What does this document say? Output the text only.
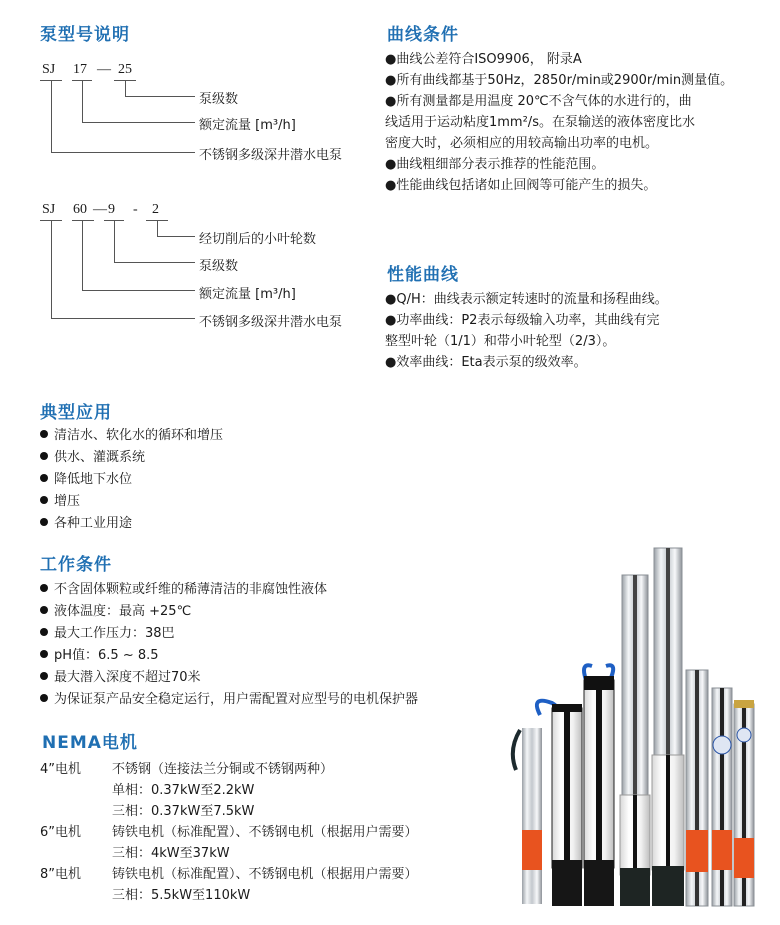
泵型号说明
SJ 17 — 25
泵级数
额定流量 [m³/h]
不锈钢多级深井潜水电泵
SJ 60 — 9 - 2
经切削后的小叶轮数
泵级数
额定流量 [m³/h]
不锈钢多级深井潜水电泵
曲线条件
●曲线公差符合ISO9906， 附录A
●所有曲线都基于50Hz，2850r/min或2900r/min测量值。
●所有测量都是用温度 20℃不含气体的水进行的，曲
线适用于运动粘度1mm²/s。在泵输送的液体密度比水
密度大时，必须相应的用较高输出功率的电机。
●曲线粗细部分表示推荐的性能范围。
●性能曲线包括诸如止回阀等可能产生的损失。
性能曲线
●Q/H：曲线表示额定转速时的流量和扬程曲线。
●功率曲线：P2表示每级输入功率，其曲线有完
整型叶轮（1/1）和带小叶轮型（2/3）。
●效率曲线：Eta表示泵的级效率。
典型应用
清洁水、软化水的循环和增压
供水、灌溉系统
降低地下水位
增压
各种工业用途
工作条件
不含固体颗粒或纤维的稀薄清洁的非腐蚀性液体
液体温度：最高 +25℃
最大工作压力：38巴
pH值：6.5 ~ 8.5
最大潜入深度不超过70米
为保证泵产品安全稳定运行，用户需配置对应型号的电机保护器
NEMA电机
4”电机 不锈钢（连接法兰分铜或不锈钢两种）
单相：0.37kW至2.2kW
三相：0.37kW至7.5kW
6”电机 铸铁电机（标准配置）、不锈钢电机（根据用户需要）
三相：4kW至37kW
8”电机 铸铁电机（标准配置）、不锈钢电机（根据用户需要）
三相：5.5kW至110kW
